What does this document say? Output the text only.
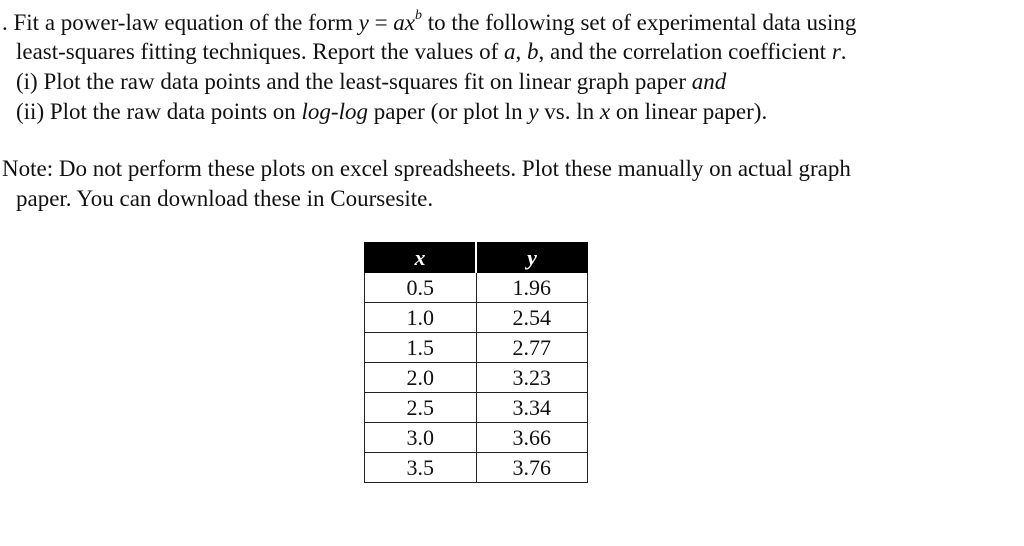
. Fit a power-law equation of the form $y = ax^b$ to the following set of experimental data using
least-squares fitting techniques. Report the values of a, b, and the correlation coefficient r.
(i) Plot the raw data points and the least-squares fit on linear graph paper and
(ii) Plot the raw data points on log-log paper (or plot ln y vs. ln x on linear paper).
Note: Do not perform these plots on excel spreadsheets. Plot these manually on actual graph
paper. You can download these in Coursesite.
x	y
0.5	1.96
1.0	2.54
1.5	2.77
2.0	3.23
2.5	3.34
3.0	3.66
3.5	3.76
